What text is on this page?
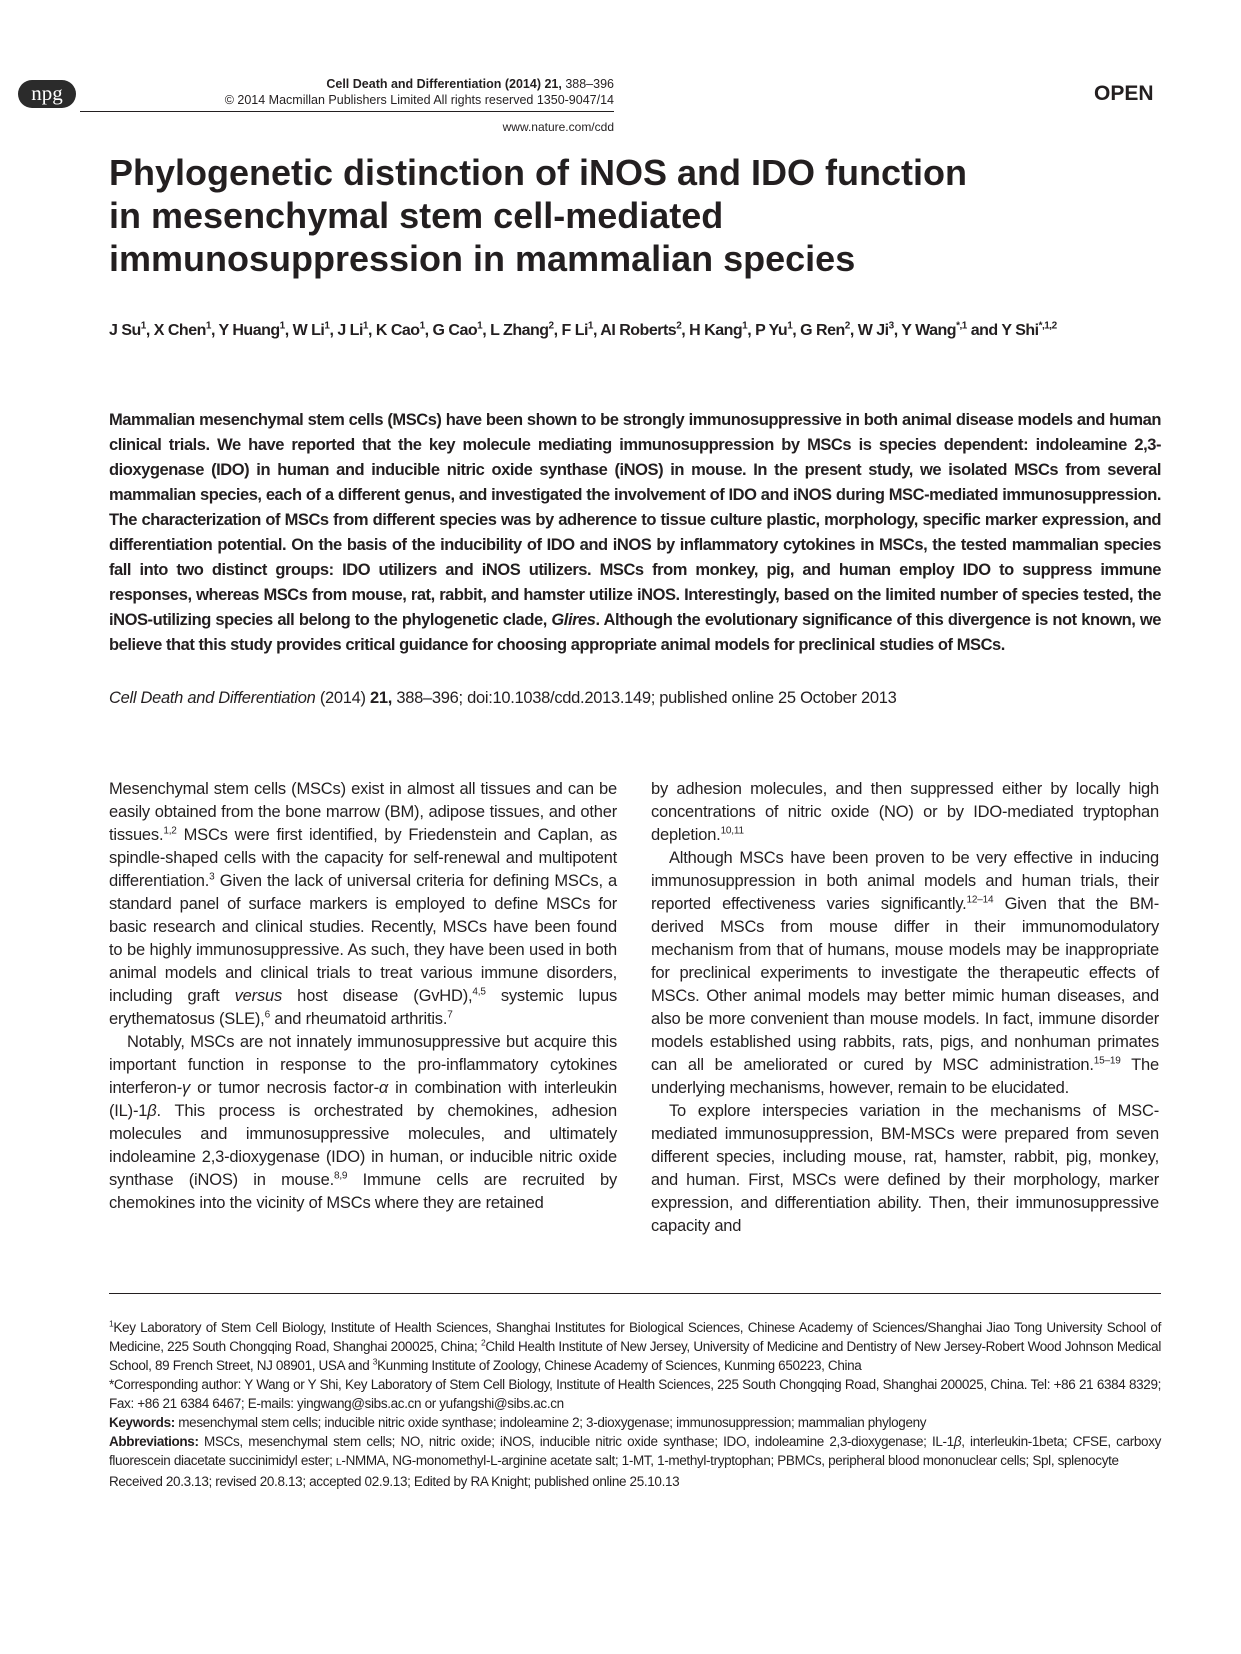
npg	Cell Death and Differentiation (2014) 21, 388–396
© 2014 Macmillan Publishers Limited All rights reserved 1350-9047/14
www.nature.com/cdd
OPEN
Phylogenetic distinction of iNOS and IDO function
in mesenchymal stem cell-mediated
immunosuppression in mammalian species

J Su$^1$, X Chen$^1$, Y Huang$^1$, W Li$^1$, J Li$^1$, K Cao$^1$, G Cao$^1$, L Zhang$^2$, F Li$^1$, AI Roberts$^2$, H Kang$^1$, P Yu$^1$, G Ren$^2$, W Ji$^3$, Y Wang$^{*,1}$ and Y Shi$^{*,1,2}$

Mammalian mesenchymal stem cells (MSCs) have been shown to be strongly immunosuppressive in both animal disease models and human clinical trials. We have reported that the key molecule mediating immunosuppression by MSCs is species dependent: indoleamine 2,3-dioxygenase (IDO) in human and inducible nitric oxide synthase (iNOS) in mouse. In the present study, we isolated MSCs from several mammalian species, each of a different genus, and investigated the involvement of IDO and iNOS during MSC-mediated immunosuppression. The characterization of MSCs from different species was by adherence to tissue culture plastic, morphology, specific marker expression, and differentiation potential. On the basis of the inducibility of IDO and iNOS by inflammatory cytokines in MSCs, the tested mammalian species fall into two distinct groups: IDO utilizers and iNOS utilizers. MSCs from monkey, pig, and human employ IDO to suppress immune responses, whereas MSCs from mouse, rat, rabbit, and hamster utilize iNOS. Interestingly, based on the limited number of species tested, the iNOS-utilizing species all belong to the phylogenetic clade, Glires. Although the evolutionary significance of this divergence is not known, we believe that this study provides critical guidance for choosing appropriate animal models for preclinical studies of MSCs.

Cell Death and Differentiation (2014) 21, 388–396; doi:10.1038/cdd.2013.149; published online 25 October 2013

Mesenchymal stem cells (MSCs) exist in almost all tissues and can be easily obtained from the bone marrow (BM), adipose tissues, and other tissues.$^{1,2}$ MSCs were first identified, by Friedenstein and Caplan, as spindle-shaped cells with the capacity for self-renewal and multipotent differentiation.$^3$ Given the lack of universal criteria for defining MSCs, a standard panel of surface markers is employed to define MSCs for basic research and clinical studies. Recently, MSCs have been found to be highly immunosuppressive. As such, they have been used in both animal models and clinical trials to treat various immune disorders, including graft versus host disease (GvHD),$^{4,5}$ systemic lupus erythematosus (SLE),$^6$ and rheumatoid arthritis.$^7$

Notably, MSCs are not innately immunosuppressive but acquire this important function in response to the pro-inflammatory cytokines interferon-γ or tumor necrosis factor-α in combination with interleukin (IL)-1β. This process is orchestrated by chemokines, adhesion molecules and immunosuppressive molecules, and ultimately indoleamine 2,3-dioxygenase (IDO) in human, or inducible nitric oxide synthase (iNOS) in mouse.$^{8,9}$ Immune cells are recruited by chemokines into the vicinity of MSCs where they are retained

by adhesion molecules, and then suppressed either by locally high concentrations of nitric oxide (NO) or by IDO-mediated tryptophan depletion.$^{10,11}$

Although MSCs have been proven to be very effective in inducing immunosuppression in both animal models and human trials, their reported effectiveness varies significantly.$^{12-14}$ Given that the BM-derived MSCs from mouse differ in their immunomodulatory mechanism from that of humans, mouse models may be inappropriate for preclinical experiments to investigate the therapeutic effects of MSCs. Other animal models may better mimic human diseases, and also be more convenient than mouse models. In fact, immune disorder models established using rabbits, rats, pigs, and nonhuman primates can all be ameliorated or cured by MSC administration.$^{15-19}$ The underlying mechanisms, however, remain to be elucidated.

To explore interspecies variation in the mechanisms of MSC-mediated immunosuppression, BM-MSCs were prepared from seven different species, including mouse, rat, hamster, rabbit, pig, monkey, and human. First, MSCs were defined by their morphology, marker expression, and differentiation ability. Then, their immunosuppressive capacity and

$^1$Key Laboratory of Stem Cell Biology, Institute of Health Sciences, Shanghai Institutes for Biological Sciences, Chinese Academy of Sciences/Shanghai Jiao Tong University School of Medicine, 225 South Chongqing Road, Shanghai 200025, China; $^2$Child Health Institute of New Jersey, University of Medicine and Dentistry of New Jersey-Robert Wood Johnson Medical School, 89 French Street, NJ 08901, USA and $^3$Kunming Institute of Zoology, Chinese Academy of Sciences, Kunming 650223, China

*Corresponding author: Y Wang or Y Shi, Key Laboratory of Stem Cell Biology, Institute of Health Sciences, 225 South Chongqing Road, Shanghai 200025, China. Tel: +86 21 6384 8329; Fax: +86 21 6384 6467; E-mails: yingwang@sibs.ac.cn or yufangshi@sibs.ac.cn

Keywords: mesenchymal stem cells; inducible nitric oxide synthase; indoleamine 2; 3-dioxygenase; immunosuppression; mammalian phylogeny

Abbreviations: MSCs, mesenchymal stem cells; NO, nitric oxide; iNOS, inducible nitric oxide synthase; IDO, indoleamine 2,3-dioxygenase; IL-1β, interleukin-1beta; CFSE, carboxy fluorescein diacetate succinimidyl ester; L-NMMA, NG-monomethyl-L-arginine acetate salt; 1-MT, 1-methyl-tryptophan; PBMCs, peripheral blood mononuclear cells; Spl, splenocyte

Received 20.3.13; revised 20.8.13; accepted 02.9.13; Edited by RA Knight; published online 25.10.13
